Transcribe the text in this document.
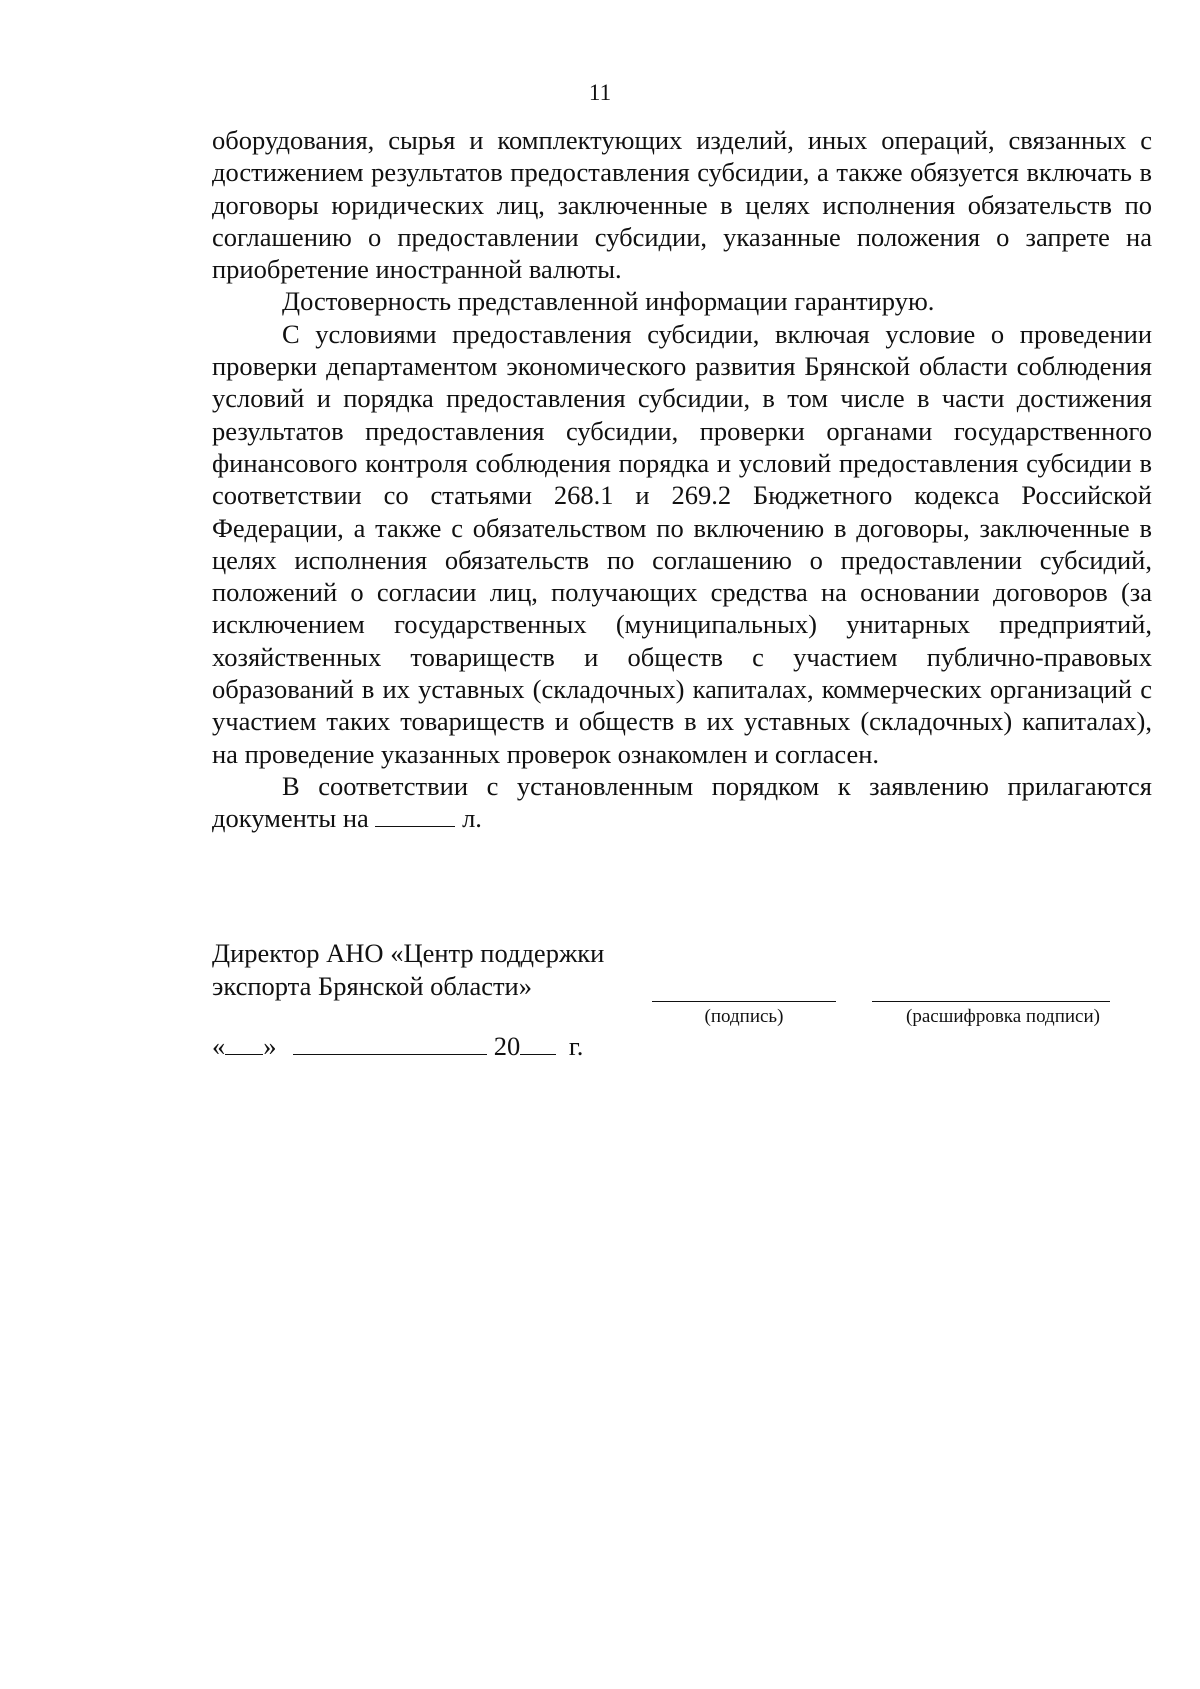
11

оборудования, сырья и комплектующих изделий, иных операций, связанных с достижением результатов предоставления субсидии, а также обязуется включать в договоры юридических лиц, заключенные в целях исполнения обязательств по соглашению о предоставлении субсидии, указанные положения о запрете на приобретение иностранной валюты.

Достоверность представленной информации гарантирую.

С условиями предоставления субсидии, включая условие о проведении проверки департаментом экономического развития Брянской области соблюдения условий и порядка предоставления субсидии, в том числе в части достижения результатов предоставления субсидии, проверки органами государственного финансового контроля соблюдения порядка и условий предоставления субсидии в соответствии со статьями 268.1 и 269.2 Бюджетного кодекса Российской Федерации, а также с обязательством по включению в договоры, заключенные в целях исполнения обязательств по соглашению о предоставлении субсидий, положений о согласии лиц, получающих средства на основании договоров (за исключением государственных (муниципальных) унитарных предприятий, хозяйственных товариществ и обществ с участием публично-правовых образований в их уставных (складочных) капиталах, коммерческих организаций с участием таких товариществ и обществ в их уставных (складочных) капиталах), на проведение указанных проверок ознакомлен и согласен.

В соответствии с установленным порядком к заявлению прилагаются документы на	л.

Директор АНО «Центр поддержки
экспорта Брянской области»
(подпись)	(расшифровка подписи)
« »	20 г.
